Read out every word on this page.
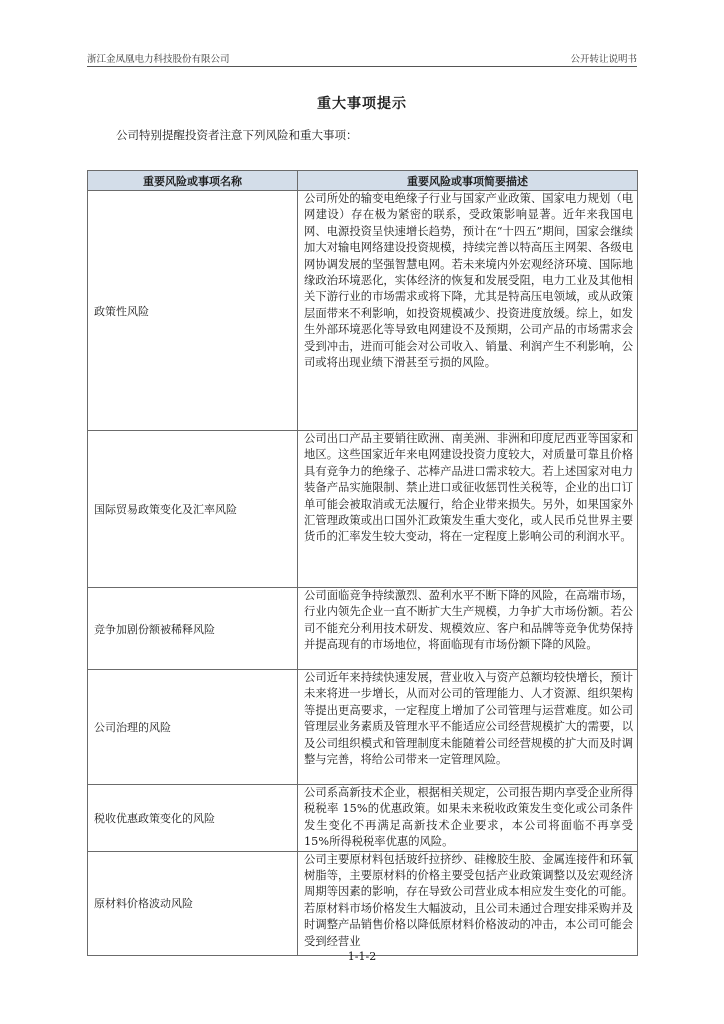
浙江金凤凰电力科技股份有限公司	公开转让说明书
重大事项提示
公司特别提醒投资者注意下列风险和重大事项：
重要风险或事项名称	重要风险或事项简要描述
政策性风险	公司所处的输变电绝缘子行业与国家产业政策、国家电力规划（电网建设）存在极为紧密的联系，受政策影响显著。近年来我国电网、电源投资呈快速增长趋势，预计在“十四五”期间，国家会继续加大对输电网络建设投资规模，持续完善以特高压主网架、各级电网协调发展的坚强智慧电网。若未来境内外宏观经济环境、国际地缘政治环境恶化，实体经济的恢复和发展受阻，电力工业及其他相关下游行业的市场需求或将下降，尤其是特高压电领域，或从政策层面带来不利影响，如投资规模减少、投资进度放缓。综上，如发生外部环境恶化等导致电网建设不及预期，公司产品的市场需求会受到冲击，进而可能会对公司收入、销量、利润产生不利影响，公司或将出现业绩下滑甚至亏损的风险。
国际贸易政策变化及汇率风险	公司出口产品主要销往欧洲、南美洲、非洲和印度尼西亚等国家和地区。这些国家近年来电网建设投资力度较大，对质量可靠且价格具有竞争力的绝缘子、芯棒产品进口需求较大。若上述国家对电力装备产品实施限制、禁止进口或征收惩罚性关税等，企业的出口订单可能会被取消或无法履行，给企业带来损失。另外，如果国家外汇管理政策或出口国外汇政策发生重大变化，或人民币兑世界主要货币的汇率发生较大变动，将在一定程度上影响公司的利润水平。
竞争加剧份额被稀释风险	公司面临竞争持续激烈、盈利水平不断下降的风险，在高端市场，行业内领先企业一直不断扩大生产规模，力争扩大市场份额。若公司不能充分利用技术研发、规模效应、客户和品牌等竞争优势保持并提高现有的市场地位，将面临现有市场份额下降的风险。
公司治理的风险	公司近年来持续快速发展，营业收入与资产总额均较快增长，预计未来将进一步增长，从而对公司的管理能力、人才资源、组织架构等提出更高要求，一定程度上增加了公司管理与运营难度。如公司管理层业务素质及管理水平不能适应公司经营规模扩大的需要，以及公司组织模式和管理制度未能随着公司经营规模的扩大而及时调整与完善，将给公司带来一定管理风险。
税收优惠政策变化的风险	公司系高新技术企业，根据相关规定，公司报告期内享受企业所得税税率 15%的优惠政策。如果未来税收政策发生变化或公司条件发生变化不再满足高新技术企业要求，本公司将面临不再享受 15%所得税税率优惠的风险。
原材料价格波动风险	公司主要原材料包括玻纤拉挤纱、硅橡胶生胶、金属连接件和环氧树脂等，主要原材料的价格主要受包括产业政策调整以及宏观经济周期等因素的影响，存在导致公司营业成本相应发生变化的可能。若原材料市场价格发生大幅波动，且公司未通过合理安排采购并及时调整产品销售价格以降低原材料价格波动的冲击，本公司可能会受到经营业
1-1-2
